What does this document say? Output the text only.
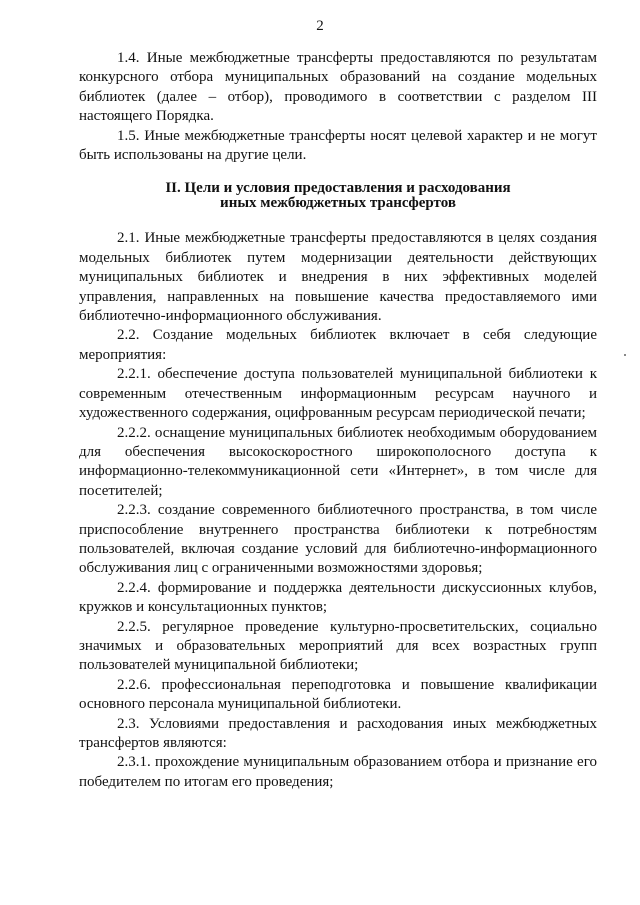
2

1.4. Иные межбюджетные трансферты предоставляются по результатам конкурсного отбора муниципальных образований на создание модельных библиотек (далее – отбор), проводимого в соответствии с разделом III настоящего Порядка.

1.5. Иные межбюджетные трансферты носят целевой характер и не могут быть использованы на другие цели.

II. Цели и условия предоставления и расходования
иных межбюджетных трансфертов

2.1. Иные межбюджетные трансферты предоставляются в целях создания модельных библиотек путем модернизации деятельности действующих муниципальных библиотек и внедрения в них эффективных моделей управления, направленных на повышение качества предоставляемого ими библиотечно-информационного обслуживания.

2.2. Создание модельных библиотек включает в себя следующие мероприятия:

2.2.1. обеспечение доступа пользователей муниципальной библиотеки к современным отечественным информационным ресурсам научного и художественного содержания, оцифрованным ресурсам периодической печати;

2.2.2. оснащение муниципальных библиотек необходимым оборудованием для обеспечения высокоскоростного широкополосного доступа к информационно-телекоммуникационной сети «Интернет», в том числе для посетителей;

2.2.3. создание современного библиотечного пространства, в том числе приспособление внутреннего пространства библиотеки к потребностям пользователей, включая создание условий для библиотечно-информационного обслуживания лиц с ограниченными возможностями здоровья;

2.2.4. формирование и поддержка деятельности дискуссионных клубов, кружков и консультационных пунктов;

2.2.5. регулярное проведение культурно-просветительских, социально значимых и образовательных мероприятий для всех возрастных групп пользователей муниципальной библиотеки;

2.2.6. профессиональная переподготовка и повышение квалификации основного персонала муниципальной библиотеки.

2.3. Условиями предоставления и расходования иных межбюджетных трансфертов являются:

2.3.1. прохождение муниципальным образованием отбора и признание его победителем по итогам его проведения;
